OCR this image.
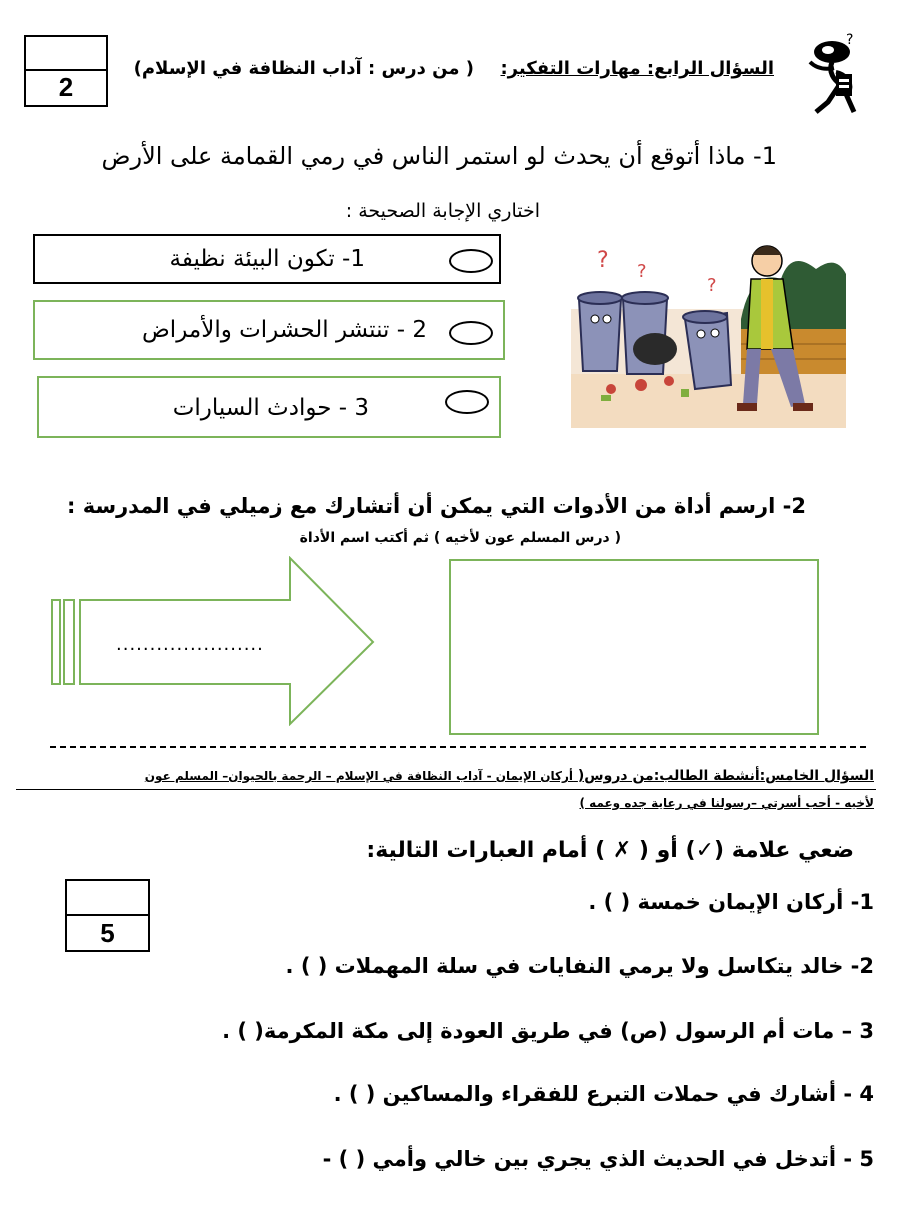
2
?
السؤال الرابع: مهارات التفكير:
( من درس : آداب النظافة في الإسلام)
1- ماذا أتوقع أن يحدث لو استمر الناس في رمي القمامة على الأرض
اختاري الإجابة الصحيحة :
1- تكون البيئة نظيفة
2 - تنتشر الحشرات والأمراض
3 - حوادث السيارات
? ?
?
2- ارسم أداة من الأدوات التي يمكن أن أتشارك مع زميلي في المدرسة :
( درس المسلم عون لأخيه ) ثم أكتب اسم الأداة
......................
السؤال الخامس:أنشطة الطالب:من دروس( أركان الإيمان - آداب النظافة في الإسلام – الرحمة بالحيوان– المسلم عون
لأخيه - أحب أسرتي –رسولنا في رعاية جده وعمه )
ضعي علامة (✓) أو ( ✗ ) أمام العبارات التالية:
5
1- أركان الإيمان خمسة ( ) .
2- خالد يتكاسل ولا يرمي النفايات في سلة المهملات ( ) .
3 – مات أم الرسول (ص) في طريق العودة إلى مكة المكرمة( ) .
4 - أشارك في حملات التبرع للفقراء والمساكين ( ) .
5 - أتدخل في الحديث الذي يجري بين خالي وأمي ( ) -
